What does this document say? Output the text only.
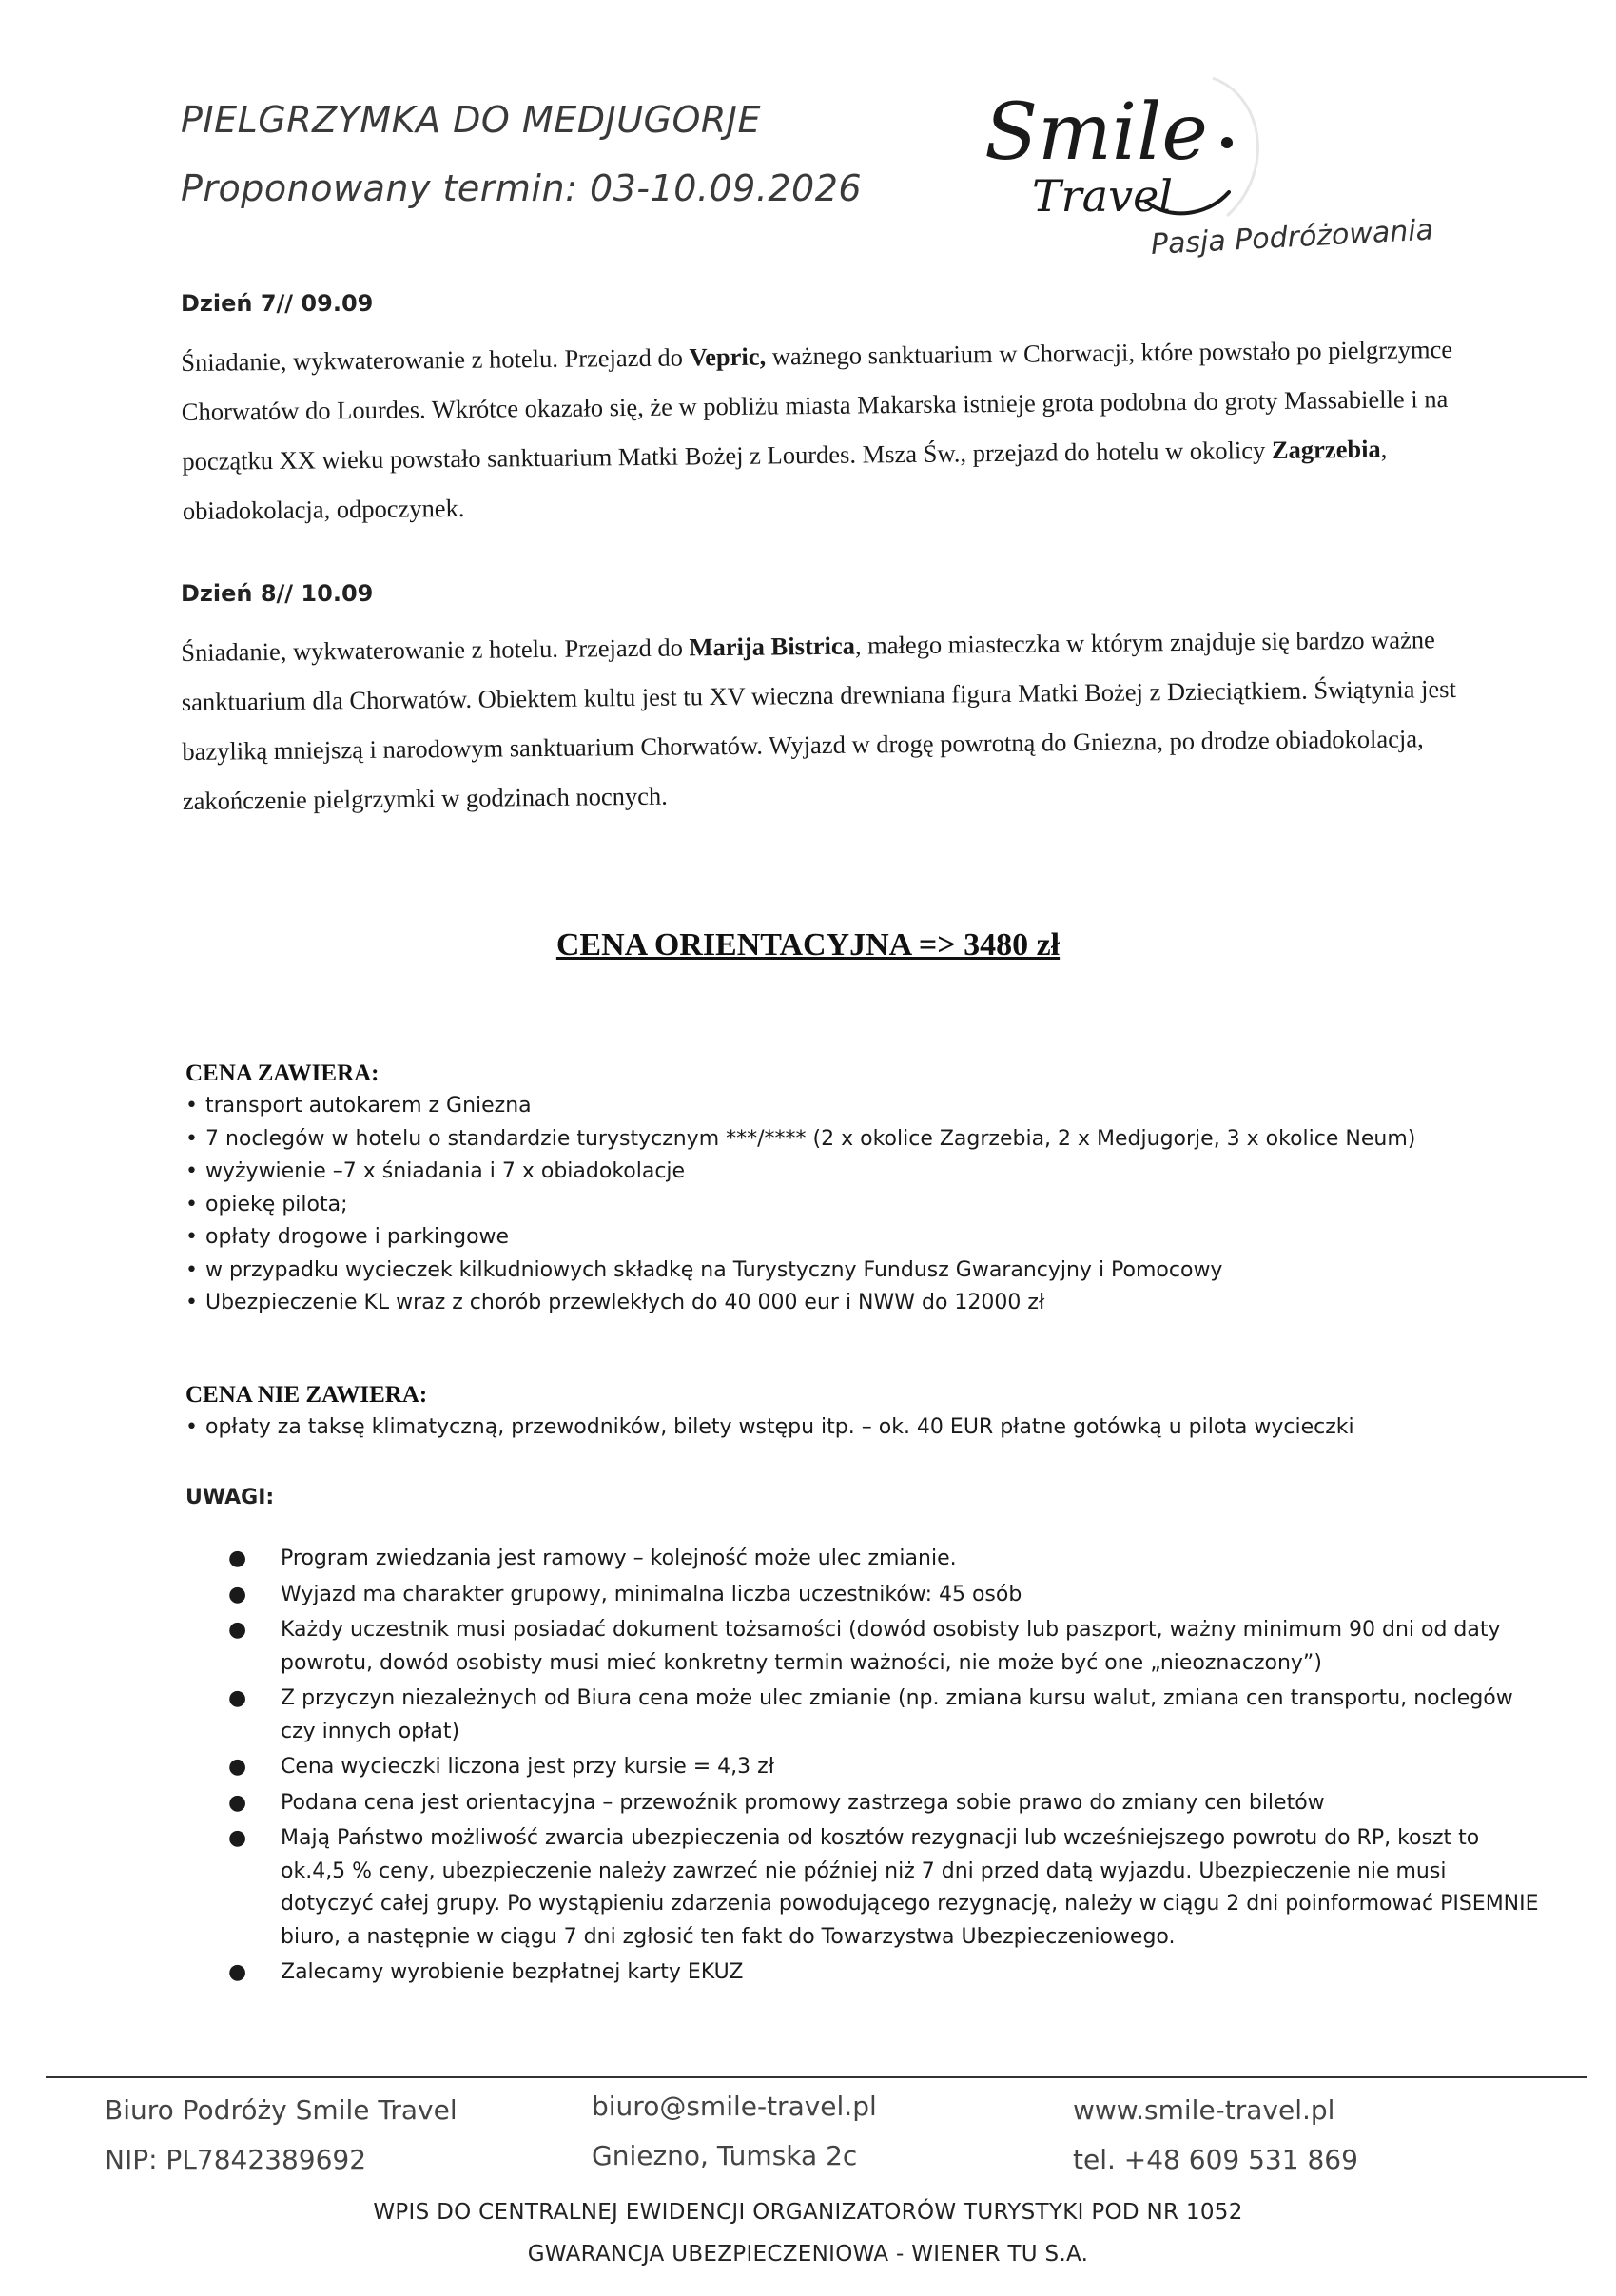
PIELGRZYMKA DO MEDJUGORJE
Proponowany termin: 03-10.09.2026
Smile
Travel
Pasja Podróżowania
Dzień 7// 09.09
Śniadanie, wykwaterowanie z hotelu. Przejazd do Vepric, ważnego sanktuarium w Chorwacji, które powstało po pielgrzymce Chorwatów do Lourdes. Wkrótce okazało się, że w pobliżu miasta Makarska istnieje grota podobna do groty Massabielle i na początku XX wieku powstało sanktuarium Matki Bożej z Lourdes. Msza Św., przejazd do hotelu w okolicy Zagrzebia, obiadokolacja, odpoczynek.
Dzień 8// 10.09
Śniadanie, wykwaterowanie z hotelu. Przejazd do Marija Bistrica, małego miasteczka w którym znajduje się bardzo ważne sanktuarium dla Chorwatów. Obiektem kultu jest tu XV wieczna drewniana figura Matki Bożej z Dzieciątkiem. Świątynia jest bazyliką mniejszą i narodowym sanktuarium Chorwatów. Wyjazd w drogę powrotną do Gniezna, po drodze obiadokolacja, zakończenie pielgrzymki w godzinach nocnych.
CENA ORIENTACYJNA => 3480 zł
CENA ZAWIERA:
• transport autokarem z Gniezna
• 7 noclegów w hotelu o standardzie turystycznym ***/**** (2 x okolice Zagrzebia, 2 x Medjugorje, 3 x okolice Neum)
• wyżywienie –7 x śniadania i 7 x obiadokolacje
• opiekę pilota;
• opłaty drogowe i parkingowe
• w przypadku wycieczek kilkudniowych składkę na Turystyczny Fundusz Gwarancyjny i Pomocowy
• Ubezpieczenie KL wraz z chorób przewlekłych do 40 000 eur i NWW do 12000 zł
CENA NIE ZAWIERA:
• opłaty za taksę klimatyczną, przewodników, bilety wstępu itp. – ok. 40 EUR płatne gotówką u pilota wycieczki
UWAGI:
● Program zwiedzania jest ramowy – kolejność może ulec zmianie.
● Wyjazd ma charakter grupowy, minimalna liczba uczestników: 45 osób
● Każdy uczestnik musi posiadać dokument tożsamości (dowód osobisty lub paszport, ważny minimum 90 dni od daty powrotu, dowód osobisty musi mieć konkretny termin ważności, nie może być one „nieoznaczony”)
● Z przyczyn niezależnych od Biura cena może ulec zmianie (np. zmiana kursu walut, zmiana cen transportu, noclegów czy innych opłat)
● Cena wycieczki liczona jest przy kursie = 4,3 zł
● Podana cena jest orientacyjna – przewoźnik promowy zastrzega sobie prawo do zmiany cen biletów
● Mają Państwo możliwość zwarcia ubezpieczenia od kosztów rezygnacji lub wcześniejszego powrotu do RP, koszt to ok.4,5 % ceny, ubezpieczenie należy zawrzeć nie później niż 7 dni przed datą wyjazdu. Ubezpieczenie nie musi dotyczyć całej grupy. Po wystąpieniu zdarzenia powodującego rezygnację, należy w ciągu 2 dni poinformować PISEMNIE biuro, a następnie w ciągu 7 dni zgłosić ten fakt do Towarzystwa Ubezpieczeniowego.
● Zalecamy wyrobienie bezpłatnej karty EKUZ
Biuro Podróży Smile Travel
NIP: PL7842389692
biuro@smile-travel.pl
Gniezno, Tumska 2c
www.smile-travel.pl
tel. +48 609 531 869
WPIS DO CENTRALNEJ EWIDENCJI ORGANIZATORÓW TURYSTYKI POD NR 1052
GWARANCJA UBEZPIECZENIOWA - WIENER TU S.A.
